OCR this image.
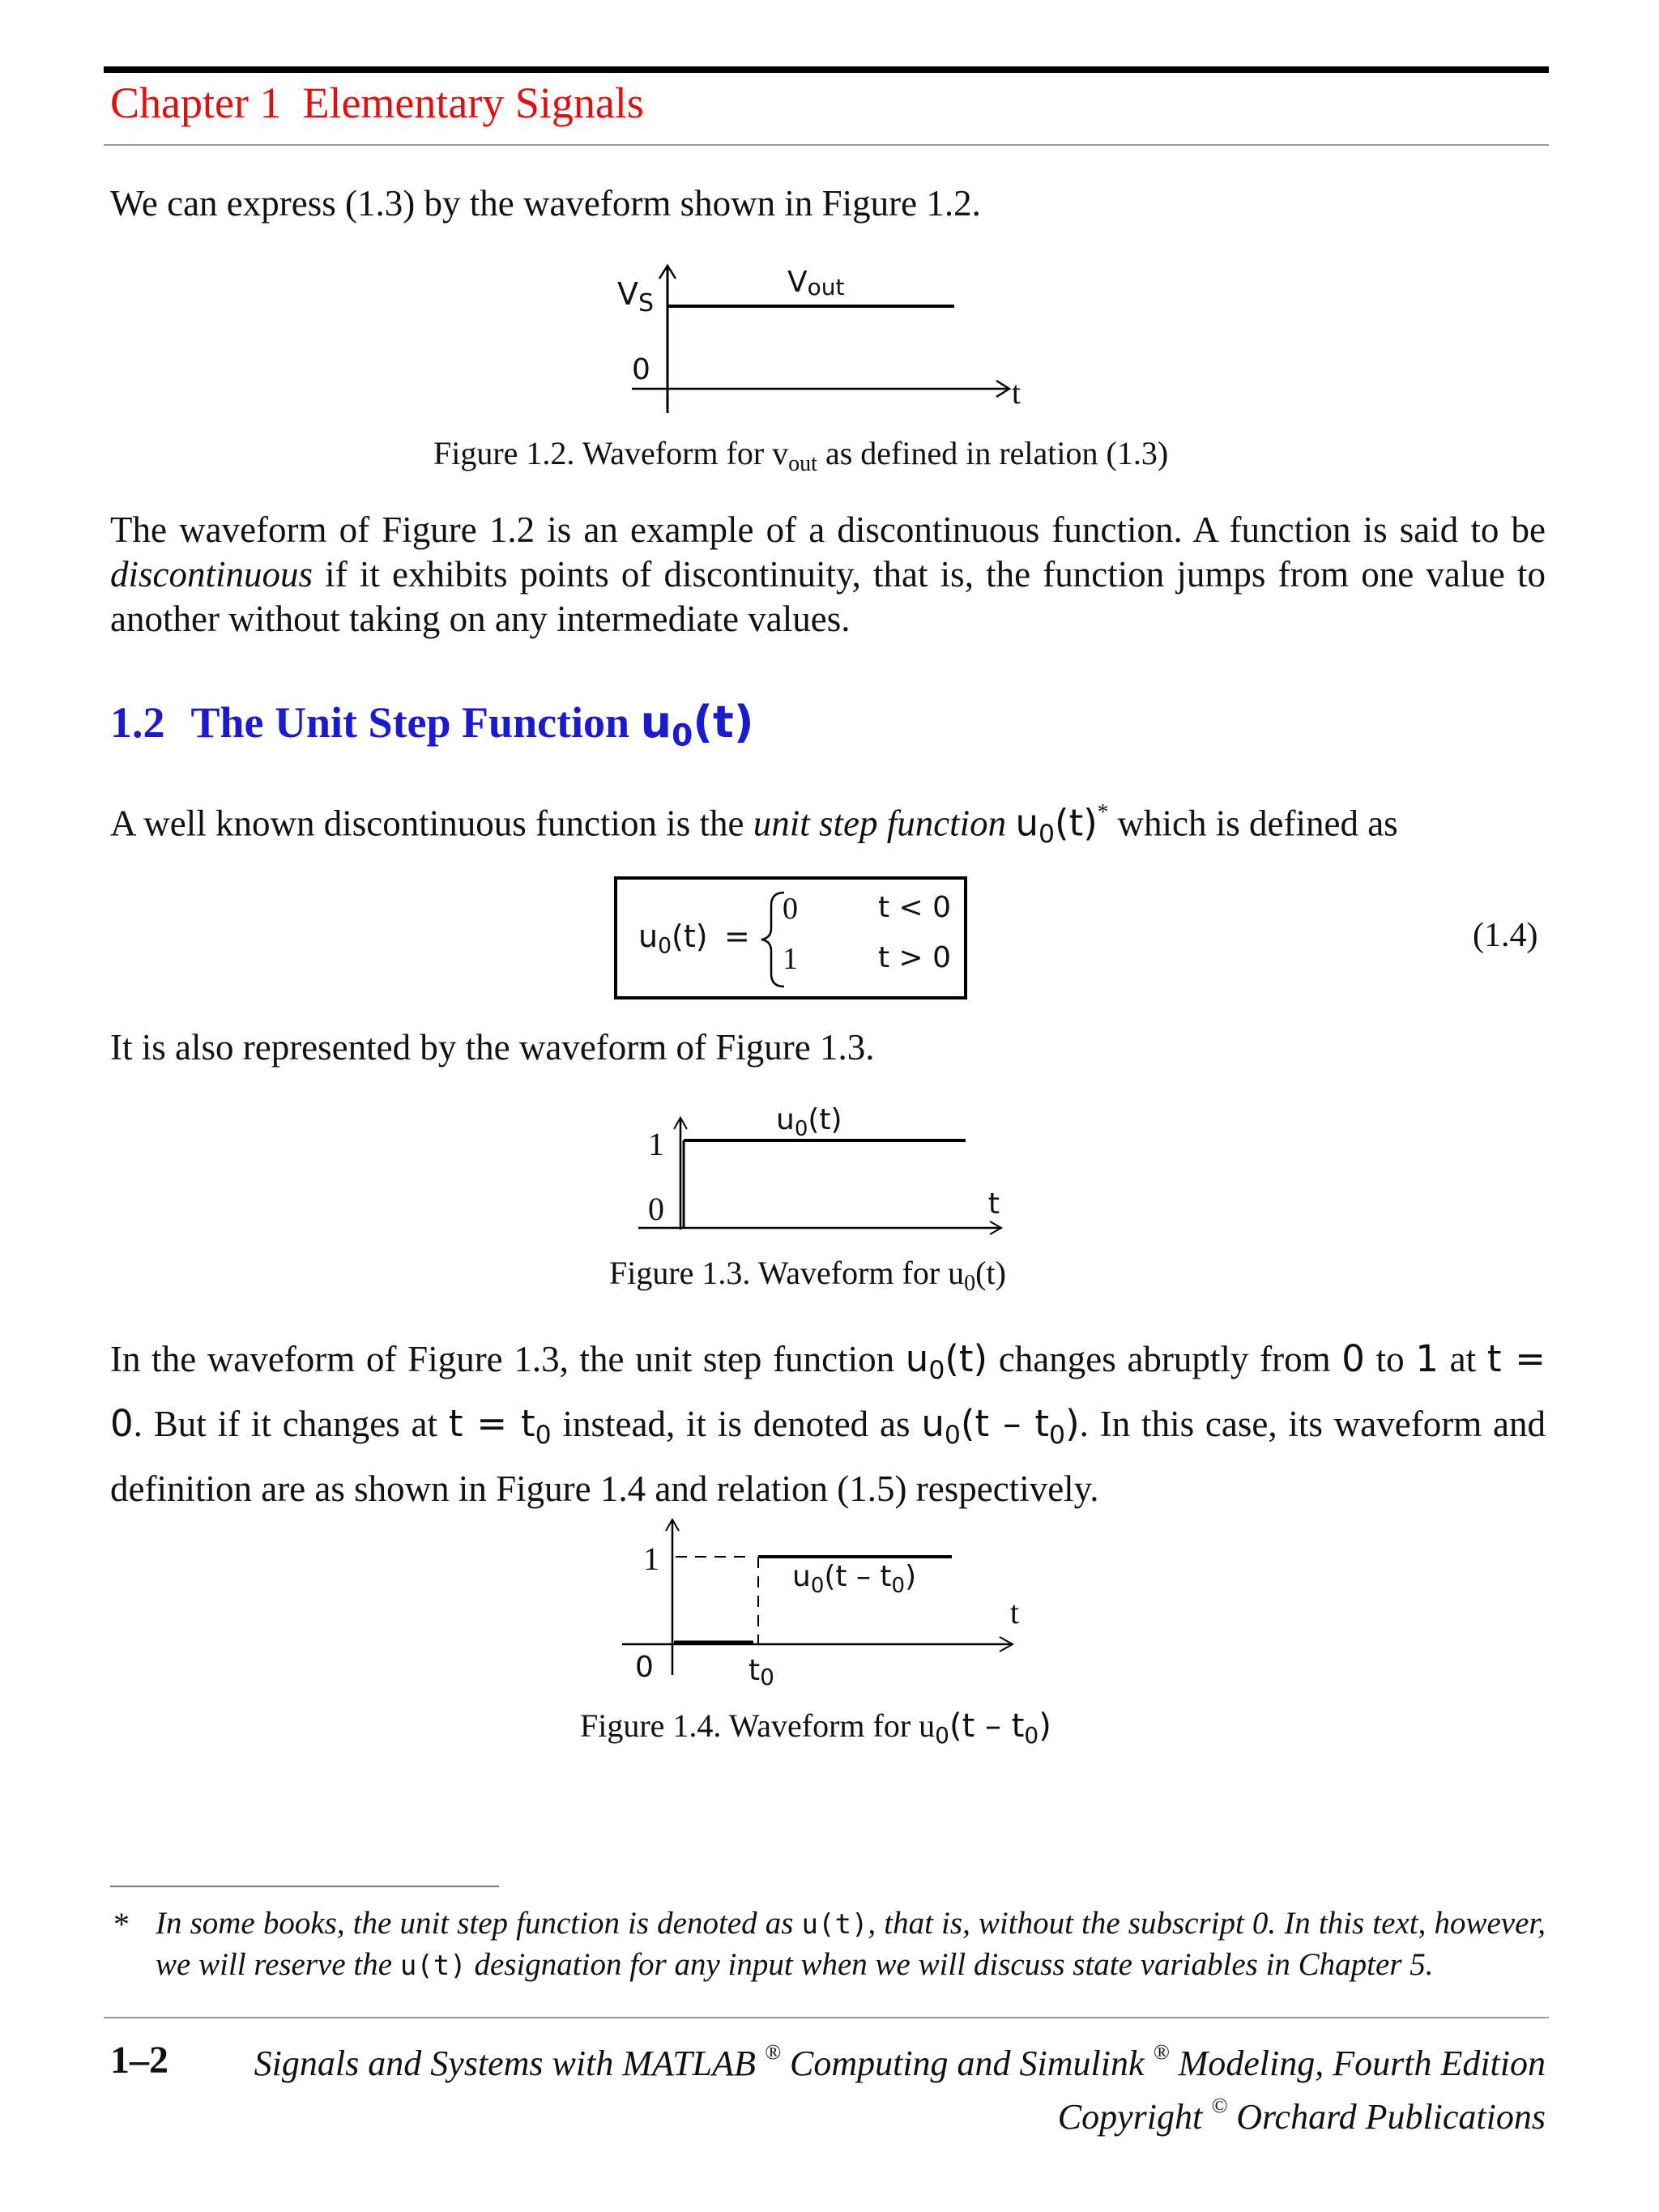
Chapter 1 Elementary Signals
We can express (1.3) by the waveform shown in Figure 1.2.
$V_S$
Vout
0
t
Figure 1.2. Waveform for $v_{out}$ as defined in relation (1.3)
The waveform of Figure 1.2 is an example of a discontinuous function. A function is said to be discontinuous if it exhibits points of discontinuity, that is, the function jumps from one value to another without taking on any intermediate values.
1.2 The Unit Step Function $u_0(t)$
A well known discontinuous function is the unit step function $u_0(t)^*$ which is defined as
$u_0(t)$ =
0	t < 0
1	t > 0
(1.4)
It is also represented by the waveform of Figure 1.3.
1
0
$u_0(t)$
t
Figure 1.3. Waveform for $u_0(t)$
In the waveform of Figure 1.3, the unit step function $u_0(t)$ changes abruptly from 0 to 1 at t = 0. But if it changes at $t = t_0$ instead, it is denoted as $u_0(t - t_0)$. In this case, its waveform and definition are as shown in Figure 1.4 and relation (1.5) respectively.
1
0	t0
$u_0(t - t_0)$
t
Figure 1.4. Waveform for $u_0(t - t_0)$
* In some books, the unit step function is denoted as u(t), that is, without the subscript 0. In this text, however, we will reserve the u(t) designation for any input when we will discuss state variables in Chapter 5.
1–2 Signals and Systems with MATLAB ® Computing and Simulink ® Modeling, Fourth Edition
Copyright © Orchard Publications
